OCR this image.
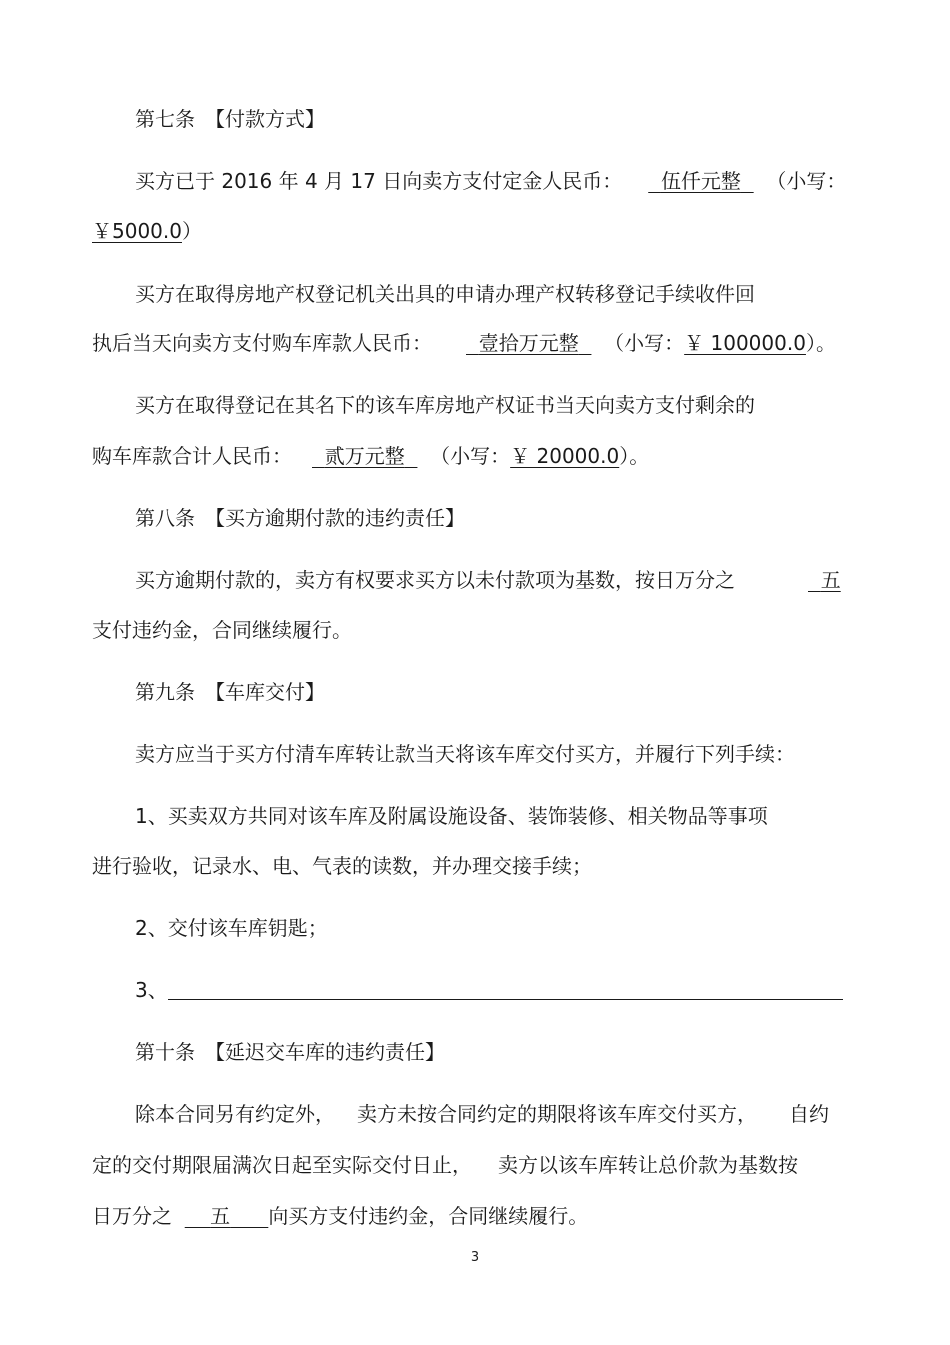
第七条　【付款方式】
买方已于 2016 年 4 月 17 日向卖方支付定金人民币： 伍仟元整 （小写：
￥5000.0）
买方在取得房地产权登记机关出具的申请办理产权转移登记手续收件回
执后当天向卖方支付购车库款人民币： 壹拾万元整 （小写：￥ 100000.0）。
买方在取得登记在其名下的该车库房地产权证书当天向卖方支付剩余的
购车库款合计人民币： 贰万元整 （小写：￥ 20000.0）。
第八条　【买方逾期付款的违约责任】
买方逾期付款的，卖方有权要求买方以未付款项为基数，按日万分之	五
支付违约金，合同继续履行。
第九条　【车库交付】
卖方应当于买方付清车库转让款当天将该车库交付买方，并履行下列手续：
1、买卖双方共同对该车库及附属设施设备、装饰装修、相关物品等事项
进行验收，记录水、电、气表的读数，并办理交接手续；
2、交付该车库钥匙；
3、
第十条　【延迟交车库的违约责任】
除本合同另有约定外， 卖方未按合同约定的期限将该车库交付买方， 自约
定的交付期限届满次日起至实际交付日止， 卖方以该车库转让总价款为基数按
日万分之 五 向买方支付违约金，合同继续履行。
3
